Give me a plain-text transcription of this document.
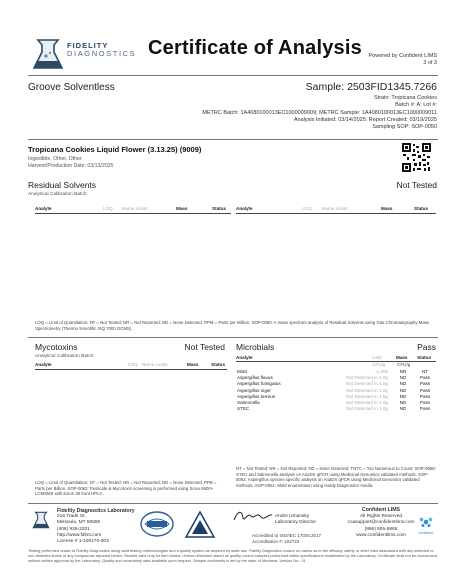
FIDELITY
DIAGNOSTICS Certificate of Analysis Powered by Confident LIMS
3 of 3
Groove Solventless	Sample: 2503FID1345.7266
Strain: Tropicana Cookies
Batch #: A; Lot #:
METRC Batch: 1A4080100013EC1000009009; METRC Sample: 1A4080100013EC1000009011
Analysis Initiated: 03/14/2025; Report Created: 03/19/2025
Sampling SOP: SOP-0050
Tropicana Cookies Liquid Flower (3.13.25) (9009)
Ingestible, Other, Other
Harvest/Production Date: 03/13/2025
Residual Solvents
Analytical Calibration Batch:
Not Tested
Analyte	LOQ Name Limits	Mass	Status Analyte	LOQ Name Limits	Mass	Status
LOQ = Limit of Quantitation; NT = Not Tested; NR = Not Reported; ND = None Detected. PPM = Parts per Million. SOP-0060: A mass spectrum analysis of Residual Solvents using Gas Chromatography Mass Spectrometry (Thermo Scientific ISQ 7000 GCMS).
Mycotoxins
Analytical Calibration Batch:
Not Tested
Analyte	LOQ Name Limits	Mass	Status
LOQ = Limit of Quantitation; NT = Not Tested; NR = Not Reported; ND = None Detected. PPB = Parts per Billion. SOP-0062: Pesticide & Mycotoxin screening is performed using Sciex 6500+ LCMSMS with Exion 30 front HPLC.
Microbials	Pass
Analyte	Limit	Mass Status
CFU/g	CFU/g
Mold	1,000	NR	NT
Aspergillus flavus	Not Detected in 1.0g	ND	Pass
Aspergillus fumigatus	Not Detected in 1.0g	ND	Pass
Aspergillus niger	Not Detected in 1.0g	ND	Pass
Aspergillus terreus	Not Detected in 1.0g	ND	Pass
Salmonella	Not Detected in 1.0g	ND	Pass
STEC	Not Detected in 1.0g	ND	Pass
NT = Not Tested; NR = Not Reported; ND = None Detected; TNTC = Too Numerous to Count; SOP-0058: STEC and Salmonella analysis on AriaDX qPCR using Medicinal Genomics validated methods. SOP-0063: Aspergillus species specific analysis on AriaDX qPCR using Medicinal Genomics validated methods. SOP-0061: Mold enumeration using Hardy Diagnostics media.
Fidelity Diagnostics Laboratory
216 Trade St.
Missoula, MT 59808
(406) 926-2201
http://www.fdlmt.com
License # 1-100170-003
Andre Umansky
Laboratory Director
Accredited to ISO/IEC 17025:2017
Accreditation #: 102722
Confident LIMS
All Rights Reserved
coasupport@confidentlims.com
(866) 506-5866
www.confidentlims.com
confident
Testing performed onsite at Fidelity Diagnostics using valid testing methodologies and a quality system as required by state law. Fidelity Diagnostics makes no claims as to the efficacy, safety or other risks associated with any detected or non-detected levels of any compounds reported herein. Results valid only for item tested. Unless otherwise stated all quality control samples performed within specifications established by the Laboratory. Certificate shall not be reproduced, without written approval by the Laboratory. Quality and uncertainty data available upon request. Sample conformity is set by the state of Montana, Version No.: 01
